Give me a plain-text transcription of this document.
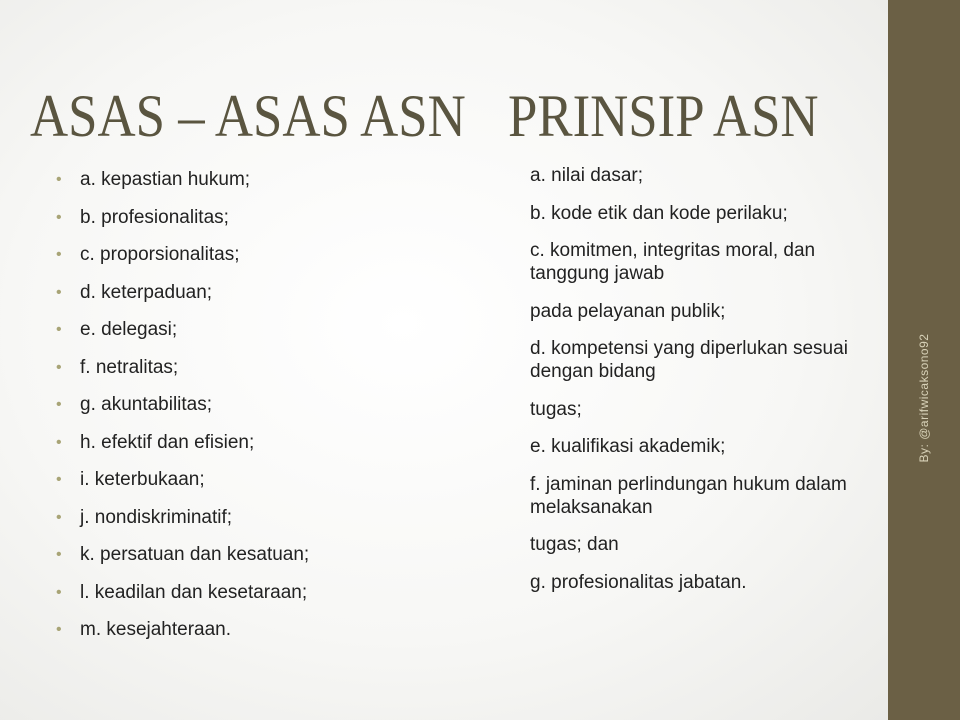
ASAS – ASAS ASN PRINSIP ASN
• a. kepastian hukum;
• b. profesionalitas;
• c. proporsionalitas;
• d. keterpaduan;
• e. delegasi;
• f. netralitas;
• g. akuntabilitas;
• h. efektif dan efisien;
• i. keterbukaan;
• j. nondiskriminatif;
• k. persatuan dan kesatuan;
• l. keadilan dan kesetaraan;
• m. kesejahteraan.
a. nilai dasar;
b. kode etik dan kode perilaku;
c. komitmen, integritas moral, dan tanggung jawab
pada pelayanan publik;
d. kompetensi yang diperlukan sesuai dengan bidang
tugas;
e. kualifikasi akademik;
f. jaminan perlindungan hukum dalam melaksanakan
tugas; dan
g. profesionalitas jabatan.
By: @arifwicaksono92
